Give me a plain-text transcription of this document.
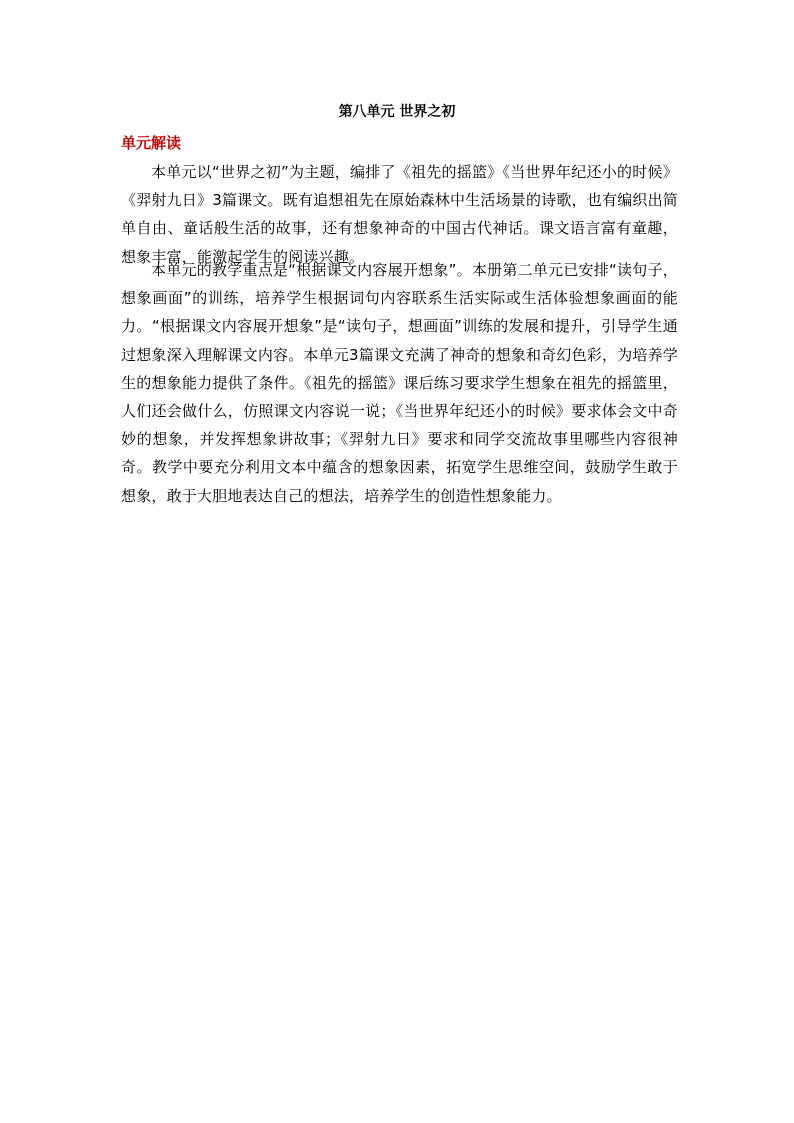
第八单元 世界之初
单元解读

本单元以“世界之初”为主题，编排了《祖先的摇篮》《当世界年纪还小的时候》《羿射九日》3篇课文。既有追想祖先在原始森林中生活场景的诗歌，也有编织出简单自由、童话般生活的故事，还有想象神奇的中国古代神话。课文语言富有童趣，想象丰富，能激起学生的阅读兴趣。

本单元的教学重点是“根据课文内容展开想象”。本册第二单元已安排“读句子，想象画面”的训练，培养学生根据词句内容联系生活实际或生活体验想象画面的能力。“根据课文内容展开想象”是“读句子，想画面”训练的发展和提升，引导学生通过想象深入理解课文内容。本单元3篇课文充满了神奇的想象和奇幻色彩，为培养学生的想象能力提供了条件。《祖先的摇篮》课后练习要求学生想象在祖先的摇篮里，人们还会做什么，仿照课文内容说一说；《当世界年纪还小的时候》要求体会文中奇妙的想象，并发挥想象讲故事；《羿射九日》要求和同学交流故事里哪些内容很神奇。教学中要充分利用文本中蕴含的想象因素，拓宽学生思维空间，鼓励学生敢于想象，敢于大胆地表达自己的想法，培养学生的创造性想象能力。
